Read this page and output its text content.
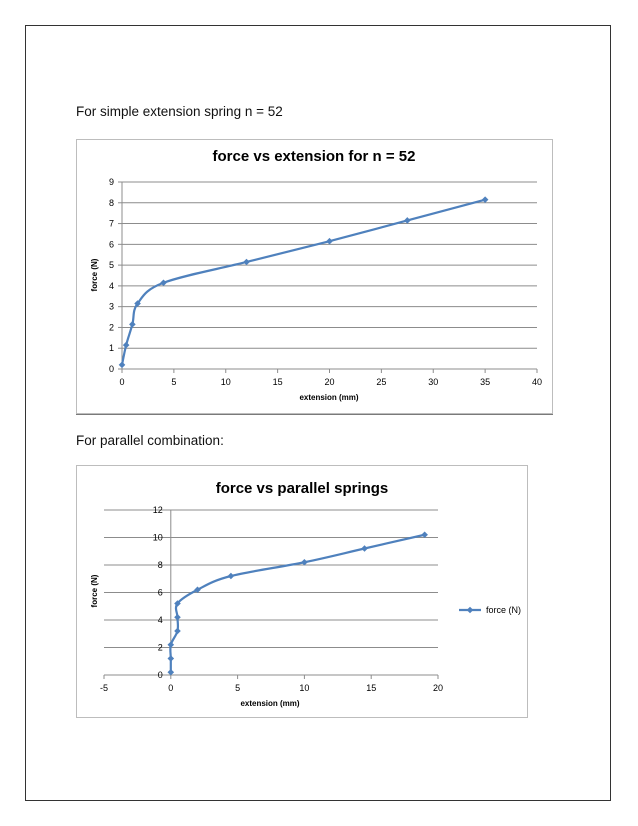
For simple extension spring n = 52
force vs extension for n = 52
0
1
2
3
4
5
6
7
8
9
0	5	10	15	20	25	30	35	40
extension (mm)
force (N)
For parallel combination:
force vs parallel springs
0
2
4
6
8
10
12
-5	0	5	10	15	20
extension (mm)
force (N)
force (N)
